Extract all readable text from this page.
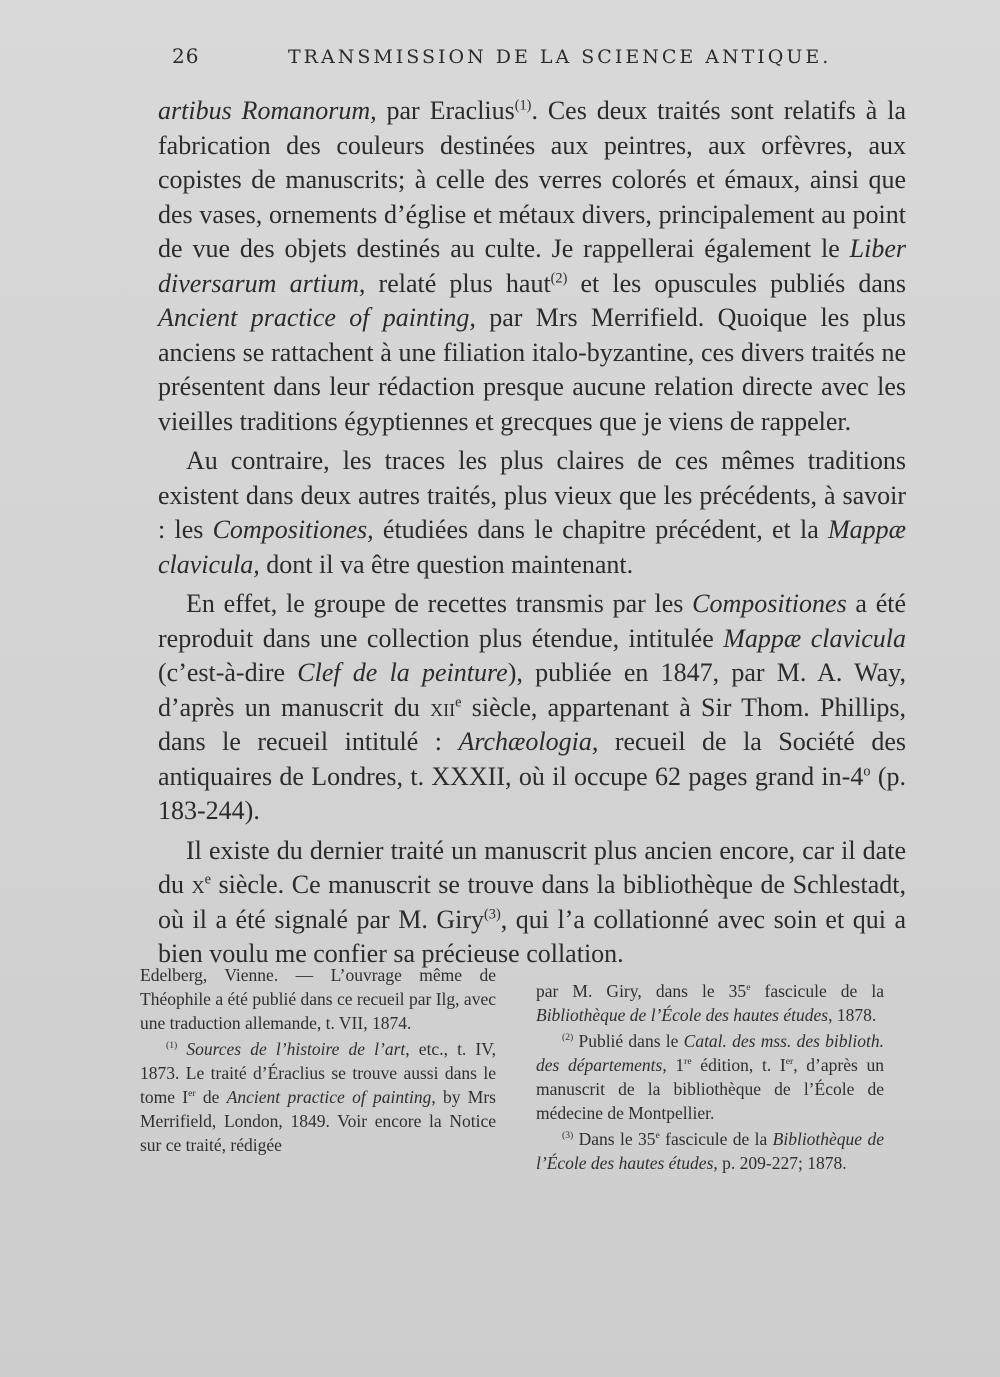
26	TRANSMISSION DE LA SCIENCE ANTIQUE.

artibus Romanorum, par Eraclius$^{(1)}$. Ces deux traités sont relatifs à la fabrication des couleurs destinées aux peintres, aux orfèvres, aux copistes de manuscrits; à celle des verres colorés et émaux, ainsi que des vases, ornements d’église et métaux divers, principalement au point de vue des objets destinés au culte. Je rappellerai également le Liber diversarum artium, relaté plus haut$^{(2)}$ et les opuscules publiés dans Ancient practice of painting, par Mrs Merrifield. Quoique les plus anciens se rattachent à une filiation italo-byzantine, ces divers traités ne présentent dans leur rédaction presque aucune relation directe avec les vieilles traditions égyptiennes et grecques que je viens de rappeler.

Au contraire, les traces les plus claires de ces mêmes traditions existent dans deux autres traités, plus vieux que les précédents, à savoir : les Compositiones, étudiées dans le chapitre précédent, et la Mappæ clavicula, dont il va être question maintenant.

En effet, le groupe de recettes transmis par les Compositiones a été reproduit dans une collection plus étendue, intitulée Mappæ clavicula (c’est-à-dire Clef de la peinture), publiée en 1847, par M. A. Way, d’après un manuscrit du xii$^e$ siècle, appartenant à Sir Thom. Phillips, dans le recueil intitulé : Archæologia, recueil de la Société des antiquaires de Londres, t. XXXII, où il occupe 62 pages grand in-4$^o$ (p. 183-244).

Il existe du dernier traité un manuscrit plus ancien encore, car il date du $x^e$ siècle. Ce manuscrit se trouve dans la bibliothèque de Schlestadt, où il a été signalé par M. Giry$^{(3)}$, qui l’a collationné avec soin et qui a bien voulu me confier sa précieuse collation.

Edelberg, Vienne. — L’ouvrage même de Théophile a été publié dans ce recueil par Ilg, avec une traduction allemande, t. VII, 1874.

$^{(1)}$ Sources de l’histoire de l’art, etc., t. IV, 1873. Le traité d’Éraclius se trouve aussi dans le tome Ier de Ancient practice of painting, by Mrs Merrifield, London, 1849. Voir encore la Notice sur ce traité, rédigée

par M. Giry, dans le 35e fascicule de la Bibliothèque de l’École des hautes études, 1878.

$^{(2)}$ Publié dans le Catal. des mss. des biblioth. des départements, 1re édition, t. Ier, d’après un manuscrit de la bibliothèque de l’École de médecine de Montpellier.

$^{(3)}$ Dans le 35e fascicule de la Bibliothèque de l’École des hautes études, p. 209-227; 1878.
